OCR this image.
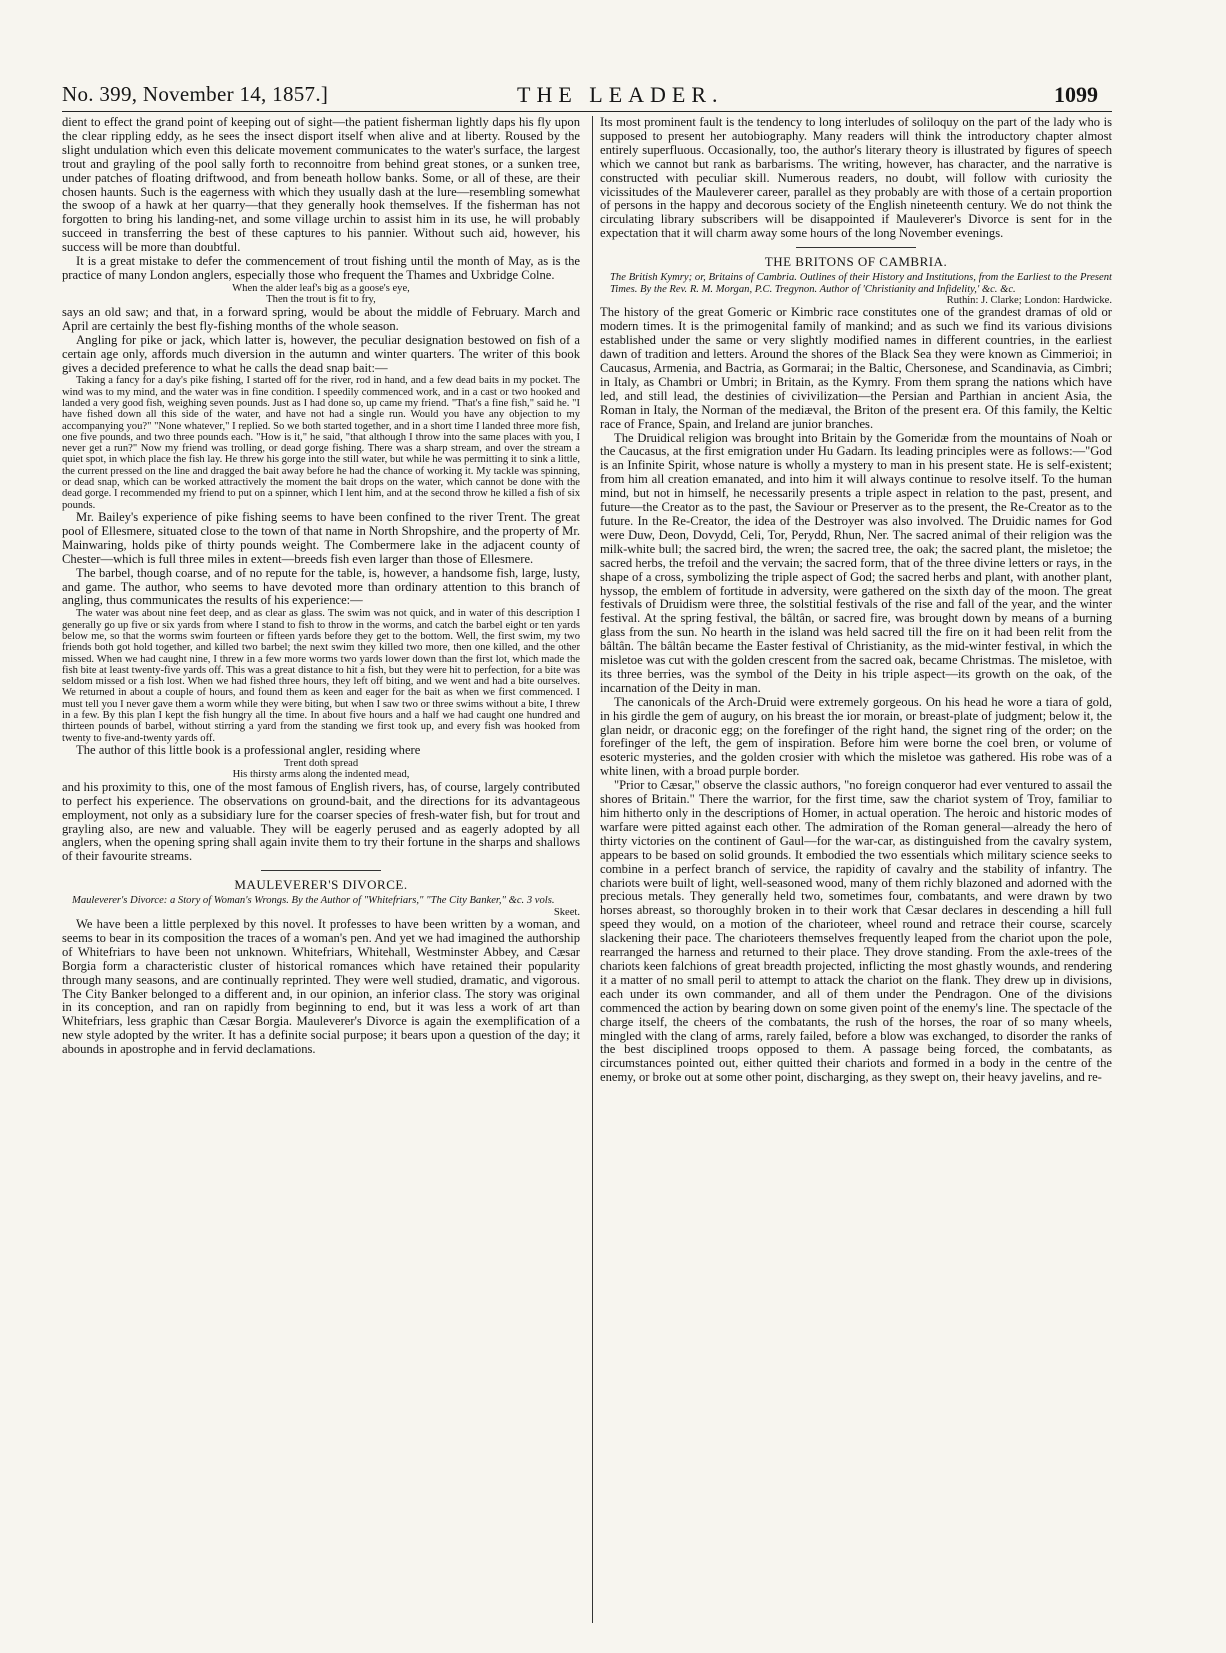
No. 399, November 14, 1857.]	THE LEADER.	1099

dient to effect the grand point of keeping out of sight—the patient fisherman lightly daps his fly upon the clear rippling eddy, as he sees the insect disport itself when alive and at liberty. Roused by the slight undulation which even this delicate movement communicates to the water's surface, the largest trout and grayling of the pool sally forth to reconnoitre from behind great stones, or a sunken tree, under patches of floating driftwood, and from beneath hollow banks. Some, or all of these, are their chosen haunts. Such is the eagerness with which they usually dash at the lure—resembling somewhat the swoop of a hawk at her quarry—that they generally hook themselves. If the fisherman has not forgotten to bring his landing-net, and some village urchin to assist him in its use, he will probably succeed in transferring the best of these captures to his pannier. Without such aid, however, his success will be more than doubtful.

It is a great mistake to defer the commencement of trout fishing until the month of May, as is the practice of many London anglers, especially those who frequent the Thames and Uxbridge Colne.

When the alder leaf's big as a goose's eye,

Then the trout is fit to fry,

says an old saw; and that, in a forward spring, would be about the middle of February. March and April are certainly the best fly-fishing months of the whole season.

Angling for pike or jack, which latter is, however, the peculiar designation bestowed on fish of a certain age only, affords much diversion in the autumn and winter quarters. The writer of this book gives a decided preference to what he calls the dead snap bait:—

Taking a fancy for a day's pike fishing, I started off for the river, rod in hand, and a few dead baits in my pocket. The wind was to my mind, and the water was in fine condition. I speedily commenced work, and in a cast or two hooked and landed a very good fish, weighing seven pounds. Just as I had done so, up came my friend. "That's a fine fish," said he. "I have fished down all this side of the water, and have not had a single run. Would you have any objection to my accompanying you?" "None whatever," I replied. So we both started together, and in a short time I landed three more fish, one five pounds, and two three pounds each. "How is it," he said, "that although I throw into the same places with you, I never get a run?" Now my friend was trolling, or dead gorge fishing. There was a sharp stream, and over the stream a quiet spot, in which place the fish lay. He threw his gorge into the still water, but while he was permitting it to sink a little, the current pressed on the line and dragged the bait away before he had the chance of working it. My tackle was spinning, or dead snap, which can be worked attractively the moment the bait drops on the water, which cannot be done with the dead gorge. I recommended my friend to put on a spinner, which I lent him, and at the second throw he killed a fish of six pounds.

Mr. Bailey's experience of pike fishing seems to have been confined to the river Trent. The great pool of Ellesmere, situated close to the town of that name in North Shropshire, and the property of Mr. Mainwaring, holds pike of thirty pounds weight. The Combermere lake in the adjacent county of Chester—which is full three miles in extent—breeds fish even larger than those of Ellesmere.

The barbel, though coarse, and of no repute for the table, is, however, a handsome fish, large, lusty, and game. The author, who seems to have devoted more than ordinary attention to this branch of angling, thus communicates the results of his experience:—

The water was about nine feet deep, and as clear as glass. The swim was not quick, and in water of this description I generally go up five or six yards from where I stand to fish to throw in the worms, and catch the barbel eight or ten yards below me, so that the worms swim fourteen or fifteen yards before they get to the bottom. Well, the first swim, my two friends both got hold together, and killed two barbel; the next swim they killed two more, then one killed, and the other missed. When we had caught nine, I threw in a few more worms two yards lower down than the first lot, which made the fish bite at least twenty-five yards off. This was a great distance to hit a fish, but they were hit to perfection, for a bite was seldom missed or a fish lost. When we had fished three hours, they left off biting, and we went and had a bite ourselves. We returned in about a couple of hours, and found them as keen and eager for the bait as when we first commenced. I must tell you I never gave them a worm while they were biting, but when I saw two or three swims without a bite, I threw in a few. By this plan I kept the fish hungry all the time. In about five hours and a half we had caught one hundred and thirteen pounds of barbel, without stirring a yard from the standing we first took up, and every fish was hooked from twenty to five-and-twenty yards off.

The author of this little book is a professional angler, residing where

Trent doth spread

His thirsty arms along the indented mead,

and his proximity to this, one of the most famous of English rivers, has, of course, largely contributed to perfect his experience. The observations on ground-bait, and the directions for its advantageous employment, not only as a subsidiary lure for the coarser species of fresh-water fish, but for trout and grayling also, are new and valuable. They will be eagerly perused and as eagerly adopted by all anglers, when the opening spring shall again invite them to try their fortune in the sharps and shallows of their favourite streams.

MAULEVERER'S DIVORCE.

Mauleverer's Divorce: a Story of Woman's Wrongs. By the Author of "Whitefriars," "The City Banker," &c. 3 vols.

Skeet.

We have been a little perplexed by this novel. It professes to have been written by a woman, and seems to bear in its composition the traces of a woman's pen. And yet we had imagined the authorship of Whitefriars to have been not unknown. Whitefriars, Whitehall, Westminster Abbey, and Cæsar Borgia form a characteristic cluster of historical romances which have retained their popularity through many seasons, and are continually reprinted. They were well studied, dramatic, and vigorous. The City Banker belonged to a different and, in our opinion, an inferior class. The story was original in its conception, and ran on rapidly from beginning to end, but it was less a work of art than Whitefriars, less graphic than Cæsar Borgia. Mauleverer's Divorce is again the exemplification of a new style adopted by the writer. It has a definite social purpose; it bears upon a question of the day; it abounds in apostrophe and in fervid declamations.

Its most prominent fault is the tendency to long interludes of soliloquy on the part of the lady who is supposed to present her autobiography. Many readers will think the introductory chapter almost entirely superfluous. Occasionally, too, the author's literary theory is illustrated by figures of speech which we cannot but rank as barbarisms. The writing, however, has character, and the narrative is constructed with peculiar skill. Numerous readers, no doubt, will follow with curiosity the vicissitudes of the Mauleverer career, parallel as they probably are with those of a certain proportion of persons in the happy and decorous society of the English nineteenth century. We do not think the circulating library subscribers will be disappointed if Mauleverer's Divorce is sent for in the expectation that it will charm away some hours of the long November evenings.

THE BRITONS OF CAMBRIA.

The British Kymry; or, Britains of Cambria. Outlines of their History and Institutions, from the Earliest to the Present Times. By the Rev. R. M. Morgan, P.C. Tregynon. Author of 'Christianity and Infidelity,' &c. &c.

Ruthin: J. Clarke; London: Hardwicke.

The history of the great Gomeric or Kimbric race constitutes one of the grandest dramas of old or modern times. It is the primogenital family of mankind; and as such we find its various divisions established under the same or very slightly modified names in different countries, in the earliest dawn of tradition and letters. Around the shores of the Black Sea they were known as Cimmerioi; in Caucasus, Armenia, and Bactria, as Gormarai; in the Baltic, Chersonese, and Scandinavia, as Cimbri; in Italy, as Chambri or Umbri; in Britain, as the Kymry. From them sprang the nations which have led, and still lead, the destinies of civivilization—the Persian and Parthian in ancient Asia, the Roman in Italy, the Norman of the mediæval, the Briton of the present era. Of this family, the Keltic race of France, Spain, and Ireland are junior branches.

The Druidical religion was brought into Britain by the Gomeridæ from the mountains of Noah or the Caucasus, at the first emigration under Hu Gadarn. Its leading principles were as follows:—"God is an Infinite Spirit, whose nature is wholly a mystery to man in his present state. He is self-existent; from him all creation emanated, and into him it will always continue to resolve itself. To the human mind, but not in himself, he necessarily presents a triple aspect in relation to the past, present, and future—the Creator as to the past, the Saviour or Preserver as to the present, the Re-Creator as to the future. In the Re-Creator, the idea of the Destroyer was also involved. The Druidic names for God were Duw, Deon, Dovydd, Celi, Tor, Perydd, Rhun, Ner. The sacred animal of their religion was the milk-white bull; the sacred bird, the wren; the sacred tree, the oak; the sacred plant, the misletoe; the sacred herbs, the trefoil and the vervain; the sacred form, that of the three divine letters or rays, in the shape of a cross, symbolizing the triple aspect of God; the sacred herbs and plant, with another plant, hyssop, the emblem of fortitude in adversity, were gathered on the sixth day of the moon. The great festivals of Druidism were three, the solstitial festivals of the rise and fall of the year, and the winter festival. At the spring festival, the bâltân, or sacred fire, was brought down by means of a burning glass from the sun. No hearth in the island was held sacred till the fire on it had been relit from the bâltân. The bâltân became the Easter festival of Christianity, as the mid-winter festival, in which the misletoe was cut with the golden crescent from the sacred oak, became Christmas. The misletoe, with its three berries, was the symbol of the Deity in his triple aspect—its growth on the oak, of the incarnation of the Deity in man.

The canonicals of the Arch-Druid were extremely gorgeous. On his head he wore a tiara of gold, in his girdle the gem of augury, on his breast the ior morain, or breast-plate of judgment; below it, the glan neidr, or draconic egg; on the forefinger of the right hand, the signet ring of the order; on the forefinger of the left, the gem of inspiration. Before him were borne the coel bren, or volume of esoteric mysteries, and the golden crosier with which the misletoe was gathered. His robe was of a white linen, with a broad purple border.

"Prior to Cæsar," observe the classic authors, "no foreign conqueror had ever ventured to assail the shores of Britain." There the warrior, for the first time, saw the chariot system of Troy, familiar to him hitherto only in the descriptions of Homer, in actual operation. The heroic and historic modes of warfare were pitted against each other. The admiration of the Roman general—already the hero of thirty victories on the continent of Gaul—for the war-car, as distinguished from the cavalry system, appears to be based on solid grounds. It embodied the two essentials which military science seeks to combine in a perfect branch of service, the rapidity of cavalry and the stability of infantry. The chariots were built of light, well-seasoned wood, many of them richly blazoned and adorned with the precious metals. They generally held two, sometimes four, combatants, and were drawn by two horses abreast, so thoroughly broken in to their work that Cæsar declares in descending a hill full speed they would, on a motion of the charioteer, wheel round and retrace their course, scarcely slackening their pace. The charioteers themselves frequently leaped from the chariot upon the pole, rearranged the harness and returned to their place. They drove standing. From the axle-trees of the chariots keen falchions of great breadth projected, inflicting the most ghastly wounds, and rendering it a matter of no small peril to attempt to attack the chariot on the flank. They drew up in divisions, each under its own commander, and all of them under the Pendragon. One of the divisions commenced the action by bearing down on some given point of the enemy's line. The spectacle of the charge itself, the cheers of the combatants, the rush of the horses, the roar of so many wheels, mingled with the clang of arms, rarely failed, before a blow was exchanged, to disorder the ranks of the best disciplined troops opposed to them. A passage being forced, the combatants, as circumstances pointed out, either quitted their chariots and formed in a body in the centre of the enemy, or broke out at some other point, discharging, as they swept on, their heavy javelins, and re-
